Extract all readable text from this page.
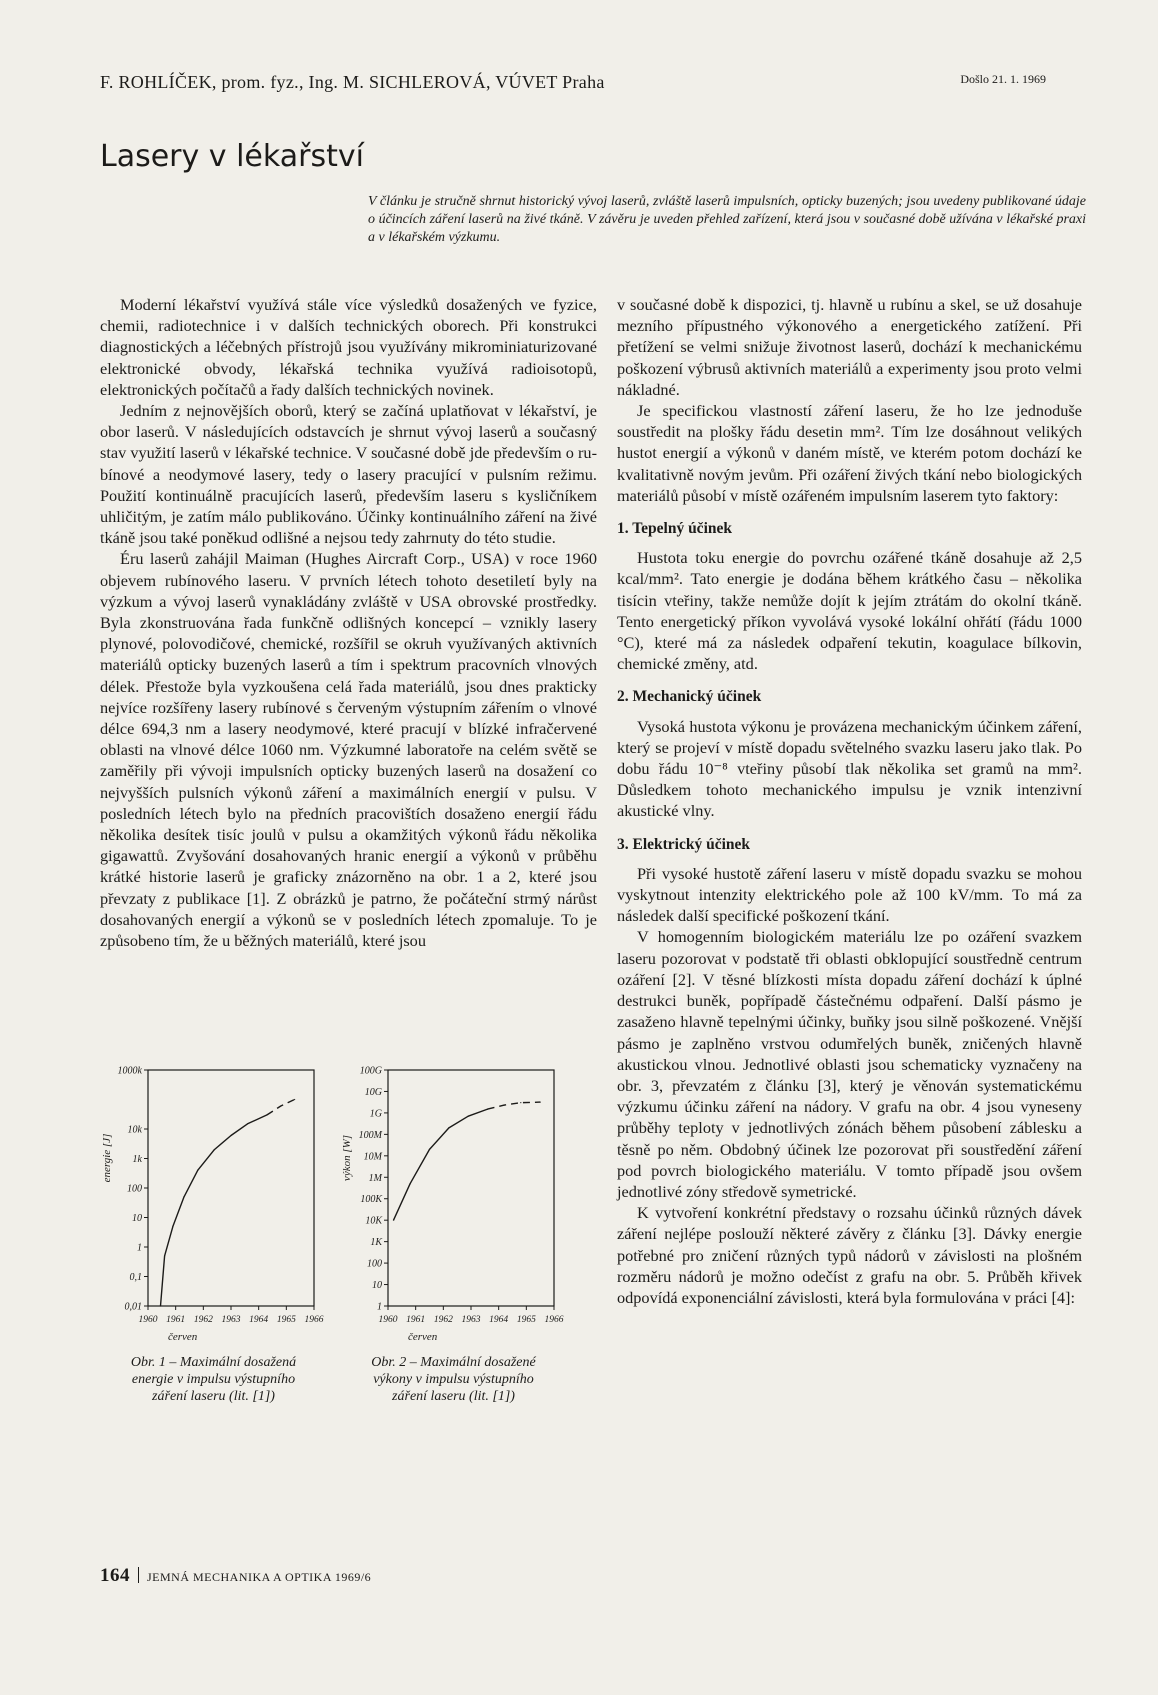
F. ROHLÍČEK, prom. fyz., Ing. M. SICHLEROVÁ, VÚVET Praha	Došlo 21. 1. 1969
Lasery v lékařství
V článku je stručně shrnut historický vývoj laserů, zvláště laserů impulsních, opticky buzených; jsou uvedeny publikované údaje o účincích záření laserů na živé tkáně. V závěru je uveden přehled zařízení, která jsou v současné době užívána v lékařské praxi a v lékařském výzkumu.

Moderní lékařství využívá stále více výsledků dosažených ve fyzice, chemii, radiotechnice i v dalších technických oborech. Při konstrukci diagnostických a léčebných přístrojů jsou využívány mikrominiaturizované elektronické obvody, lékařská technika využívá radioisotopů, elektronických počítačů a řady dalších technických novinek.

Jedním z nejnovějších oborů, který se začíná uplatňovat v lékařství, je obor laserů. V následujících odstavcích je shrnut vývoj laserů a současný stav využití laserů v lékařské technice. V současné době jde především o rubínové a neodymové lasery, tedy o lasery pracující v pulsním režimu. Použití kontinuálně pracujících laserů, především laseru s kysličníkem uhličitým, je zatím málo publikováno. Účinky kontinuálního záření na živé tkáně jsou také poněkud odlišné a nejsou tedy zahrnuty do této studie.

Éru laserů zahájil Maiman (Hughes Aircraft Corp., USA) v roce 1960 objevem rubínového laseru. V prvních létech tohoto desetiletí byly na výzkum a vývoj laserů vynakládány zvláště v USA obrovské prostředky. Byla zkonstruována řada funkčně odlišných koncepcí – vznikly lasery plynové, polovodičové, chemické, rozšířil se okruh využívaných aktivních materiálů opticky buzených laserů a tím i spektrum pracovních vlnových délek. Přestože byla vyzkoušena celá řada materiálů, jsou dnes prakticky nejvíce rozšířeny lasery rubínové s červeným výstupním zářením o vlnové délce 694,3 nm a lasery neodymové, které pracují v blízké infračervené oblasti na vlnové délce 1060 nm. Výzkumné laboratoře na celém světě se zaměřily při vývoji impulsních opticky buzených laserů na dosažení co nejvyšších pulsních výkonů záření a maximálních energií v pulsu. V posledních létech bylo na předních pracovištích dosaženo energií řádu několika desítek tisíc joulů v pulsu a okamžitých výkonů řádu několika gigawattů. Zvyšování dosahovaných hranic energií a výkonů v průběhu krátké historie laserů je graficky znázorněno na obr. 1 a 2, které jsou převzaty z publikace [1]. Z obrázků je patrno, že počáteční strmý nárůst dosahovaných energií a výkonů se v posledních létech zpomaluje. To je způsobeno tím, že u běžných materiálů, které jsou

v současné době k dispozici, tj. hlavně u rubínu a skel, se už dosahuje mezního přípustného výkonového a energetického zatížení. Při přetížení se velmi snižuje životnost laserů, dochází k mechanickému poškození výbrusů aktivních materiálů a experimenty jsou proto velmi nákladné.

Je specifickou vlastností záření laseru, že ho lze jednoduše soustředit na plošky řádu desetin mm². Tím lze dosáhnout velikých hustot energií a výkonů v daném místě, ve kterém potom dochází ke kvalitativně novým jevům. Při ozáření živých tkání nebo biologických materiálů působí v místě ozářeném impulsním laserem tyto faktory:

1. Tepelný účinek

Hustota toku energie do povrchu ozářené tkáně dosahuje až 2,5 kcal/mm². Tato energie je dodána během krátkého času – několika tisícin vteřiny, takže nemůže dojít k jejím ztrátám do okolní tkáně. Tento energetický příkon vyvolává vysoké lokální ohřátí (řádu 1000 °C), které má za následek odpaření tekutin, koagulace bílkovin, chemické změny, atd.

2. Mechanický účinek

Vysoká hustota výkonu je provázena mechanickým účinkem záření, který se projeví v místě dopadu světelného svazku laseru jako tlak. Po dobu řádu 10⁻⁸ vteřiny působí tlak několika set gramů na mm². Důsledkem tohoto mechanického impulsu je vznik intenzivní akustické vlny.

3. Elektrický účinek

Při vysoké hustotě záření laseru v místě dopadu svazku se mohou vyskytnout intenzity elektrického pole až 100 kV/mm. To má za následek další specifické poškození tkání.

V homogenním biologickém materiálu lze po ozáření svazkem laseru pozorovat v podstatě tři oblasti obklopující soustředně centrum ozáření [2]. V těsné blízkosti místa dopadu záření dochází k úplné destrukci buněk, popřípadě částečnému odpaření. Další pásmo je zasaženo hlavně tepelnými účinky, buňky jsou silně poškozené. Vnější pásmo je zaplněno vrstvou odumřelých buněk, zničených hlavně akustickou vlnou. Jednotlivé oblasti jsou schematicky vyznačeny na obr. 3, převzatém z článku [3], který je věnován systematickému výzkumu účinku záření na nádory. V grafu na obr. 4 jsou vyneseny průběhy teploty v jednotlivých zónách během působení záblesku a těsně po něm. Obdobný účinek lze pozorovat při soustředění záření pod povrch biologického materiálu. V tomto případě jsou ovšem jednotlivé zóny středově symetrické.

K vytvoření konkrétní představy o rozsahu účinků různých dávek záření nejlépe poslouží některé závěry z článku [3]. Dávky energie potřebné pro zničení různých typů nádorů v závislosti na plošném rozměru nádorů je možno odečíst z grafu na obr. 5. Průběh křivek odpovídá exponenciální závislosti, která byla formulována v práci [4]:

energie [J]
červen
0,01
0,1
1
10
100
1k
10k
1000k
1960 1961 1962 1963 1964 1965 1966
Obr. 1 – Maximální dosažená
energie v impulsu výstupního
záření laseru (lit. [1])
výkon [W]
červen
1
10
100
1K
10K
100K
1M
10M
100M
1G
10G
100G
1960 1961 1962 1963 1964 1965 1966
Obr. 2 – Maximální dosažené
výkony v impulsu výstupního
záření laseru (lit. [1])
164 JEMNÁ MECHANIKA A OPTIKA 1969/6
